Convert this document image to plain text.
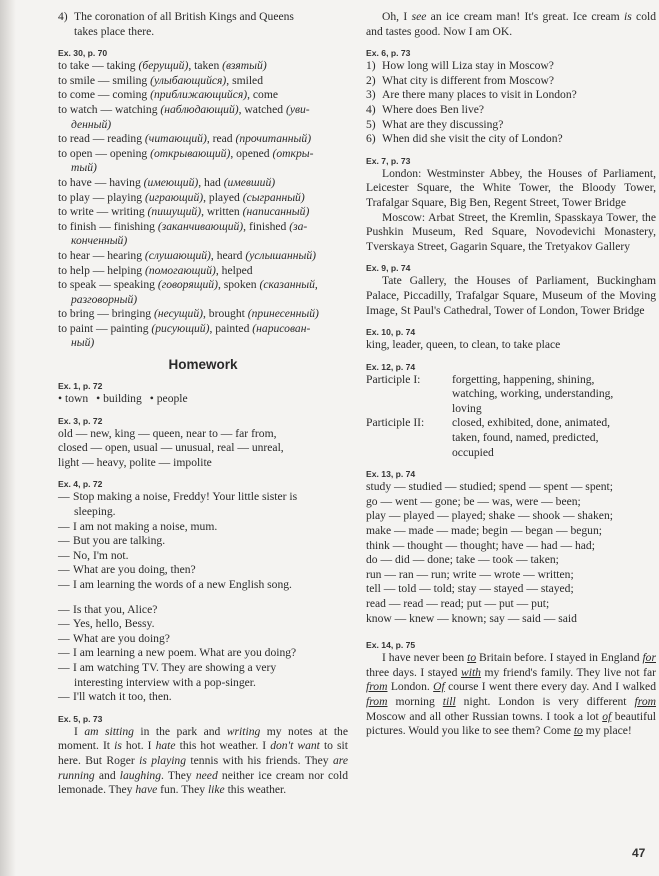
4) The coronation of all British Kings and Queens
takes place there.
Ex. 30, p. 70
to take — taking (берущий), taken (взятый)
to smile — smiling (улыбающийся), smiled
to come — coming (приближающийся), come
to watch — watching (наблюдающий), watched (уви-
денный)
to read — reading (читающий), read (прочитанный)
to open — opening (открывающий), opened (откры-
тый)
to have — having (имеющий), had (имевший)
to play — playing (играющий), played (сыгранный)
to write — writing (пишущий), written (написанный)
to finish — finishing (заканчивающий), finished (за-
конченный)
to hear — hearing (слушающий), heard (услышанный)
to help — helping (помогающий), helped
to speak — speaking (говорящий), spoken (сказанный,
разговорный)
to bring — bringing (несущий), brought (принесенный)
to paint — painting (рисующий), painted (нарисован-
ный)
Homework
Ex. 1, p. 72
• town	• building	• people
Ex. 3, p. 72
old — new, king — queen, near to — far from,
closed — open, usual — unusual, real — unreal,
light — heavy, polite — impolite
Ex. 4, p. 72
— Stop making a noise, Freddy! Your little sister is
sleeping.
— I am not making a noise, mum.
— But you are talking.
— No, I'm not.
— What are you doing, then?
— I am learning the words of a new English song.
— Is that you, Alice?
— Yes, hello, Bessy.
— What are you doing?
— I am learning a new poem. What are you doing?
— I am watching TV. They are showing a very
interesting interview with a pop-singer.
— I'll watch it too, then.
Ex. 5, p. 73
I am sitting in the park and writing my notes at the moment. It is hot. I hate this hot weather. I don't want to sit here. But Roger is playing tennis with his friends. They are running and laughing. They need neither ice cream nor cold lemonade. They have fun. They like this weather.
Oh, I see an ice cream man! It's great. Ice cream is cold and tastes good. Now I am OK.
Ex. 6, p. 73
1) How long will Liza stay in Moscow?
2) What city is different from Moscow?
3) Are there many places to visit in London?
4) Where does Ben live?
5) What are they discussing?
6) When did she visit the city of London?
Ex. 7, p. 73
London: Westminster Abbey, the Houses of Parliament, Leicester Square, the White Tower, the Bloody Tower, Trafalgar Square, Big Ben, Regent Street, Tower Bridge
Moscow: Arbat Street, the Kremlin, Spasskaya Tower, the Pushkin Museum, Red Square, Novodevichi Monastery, Tverskaya Street, Gagarin Square, the Tretyakov Gallery
Ex. 9, p. 74
Tate Gallery, the Houses of Parliament, Buckingham Palace, Piccadilly, Trafalgar Square, Museum of the Moving Image, St Paul's Cathedral, Tower of London, Tower Bridge
Ex. 10, p. 74
king, leader, queen, to clean, to take place
Ex. 12, p. 74
Participle I:	forgetting, happening, shining,
watching, working, understanding,
loving
Participle II:	closed, exhibited, done, animated,
taken, found, named, predicted,
occupied
Ex. 13, p. 74
study — studied — studied; spend — spent — spent;
go — went — gone; be — was, were — been;
play — played — played; shake — shook — shaken;
make — made — made; begin — began — begun;
think — thought — thought; have — had — had;
do — did — done; take — took — taken;
run — ran — run; write — wrote — written;
tell — told — told; stay — stayed — stayed;
read — read — read; put — put — put;
know — knew — known; say — said — said
Ex. 14, p. 75
I have never been to Britain before. I stayed in England for three days. I stayed with my friend's family. They live not far from London. Of course I went there every day. And I walked from morning till night. London is very different from Moscow and all other Russian towns. I took a lot of beautiful pictures. Would you like to see them? Come to my place!
47
